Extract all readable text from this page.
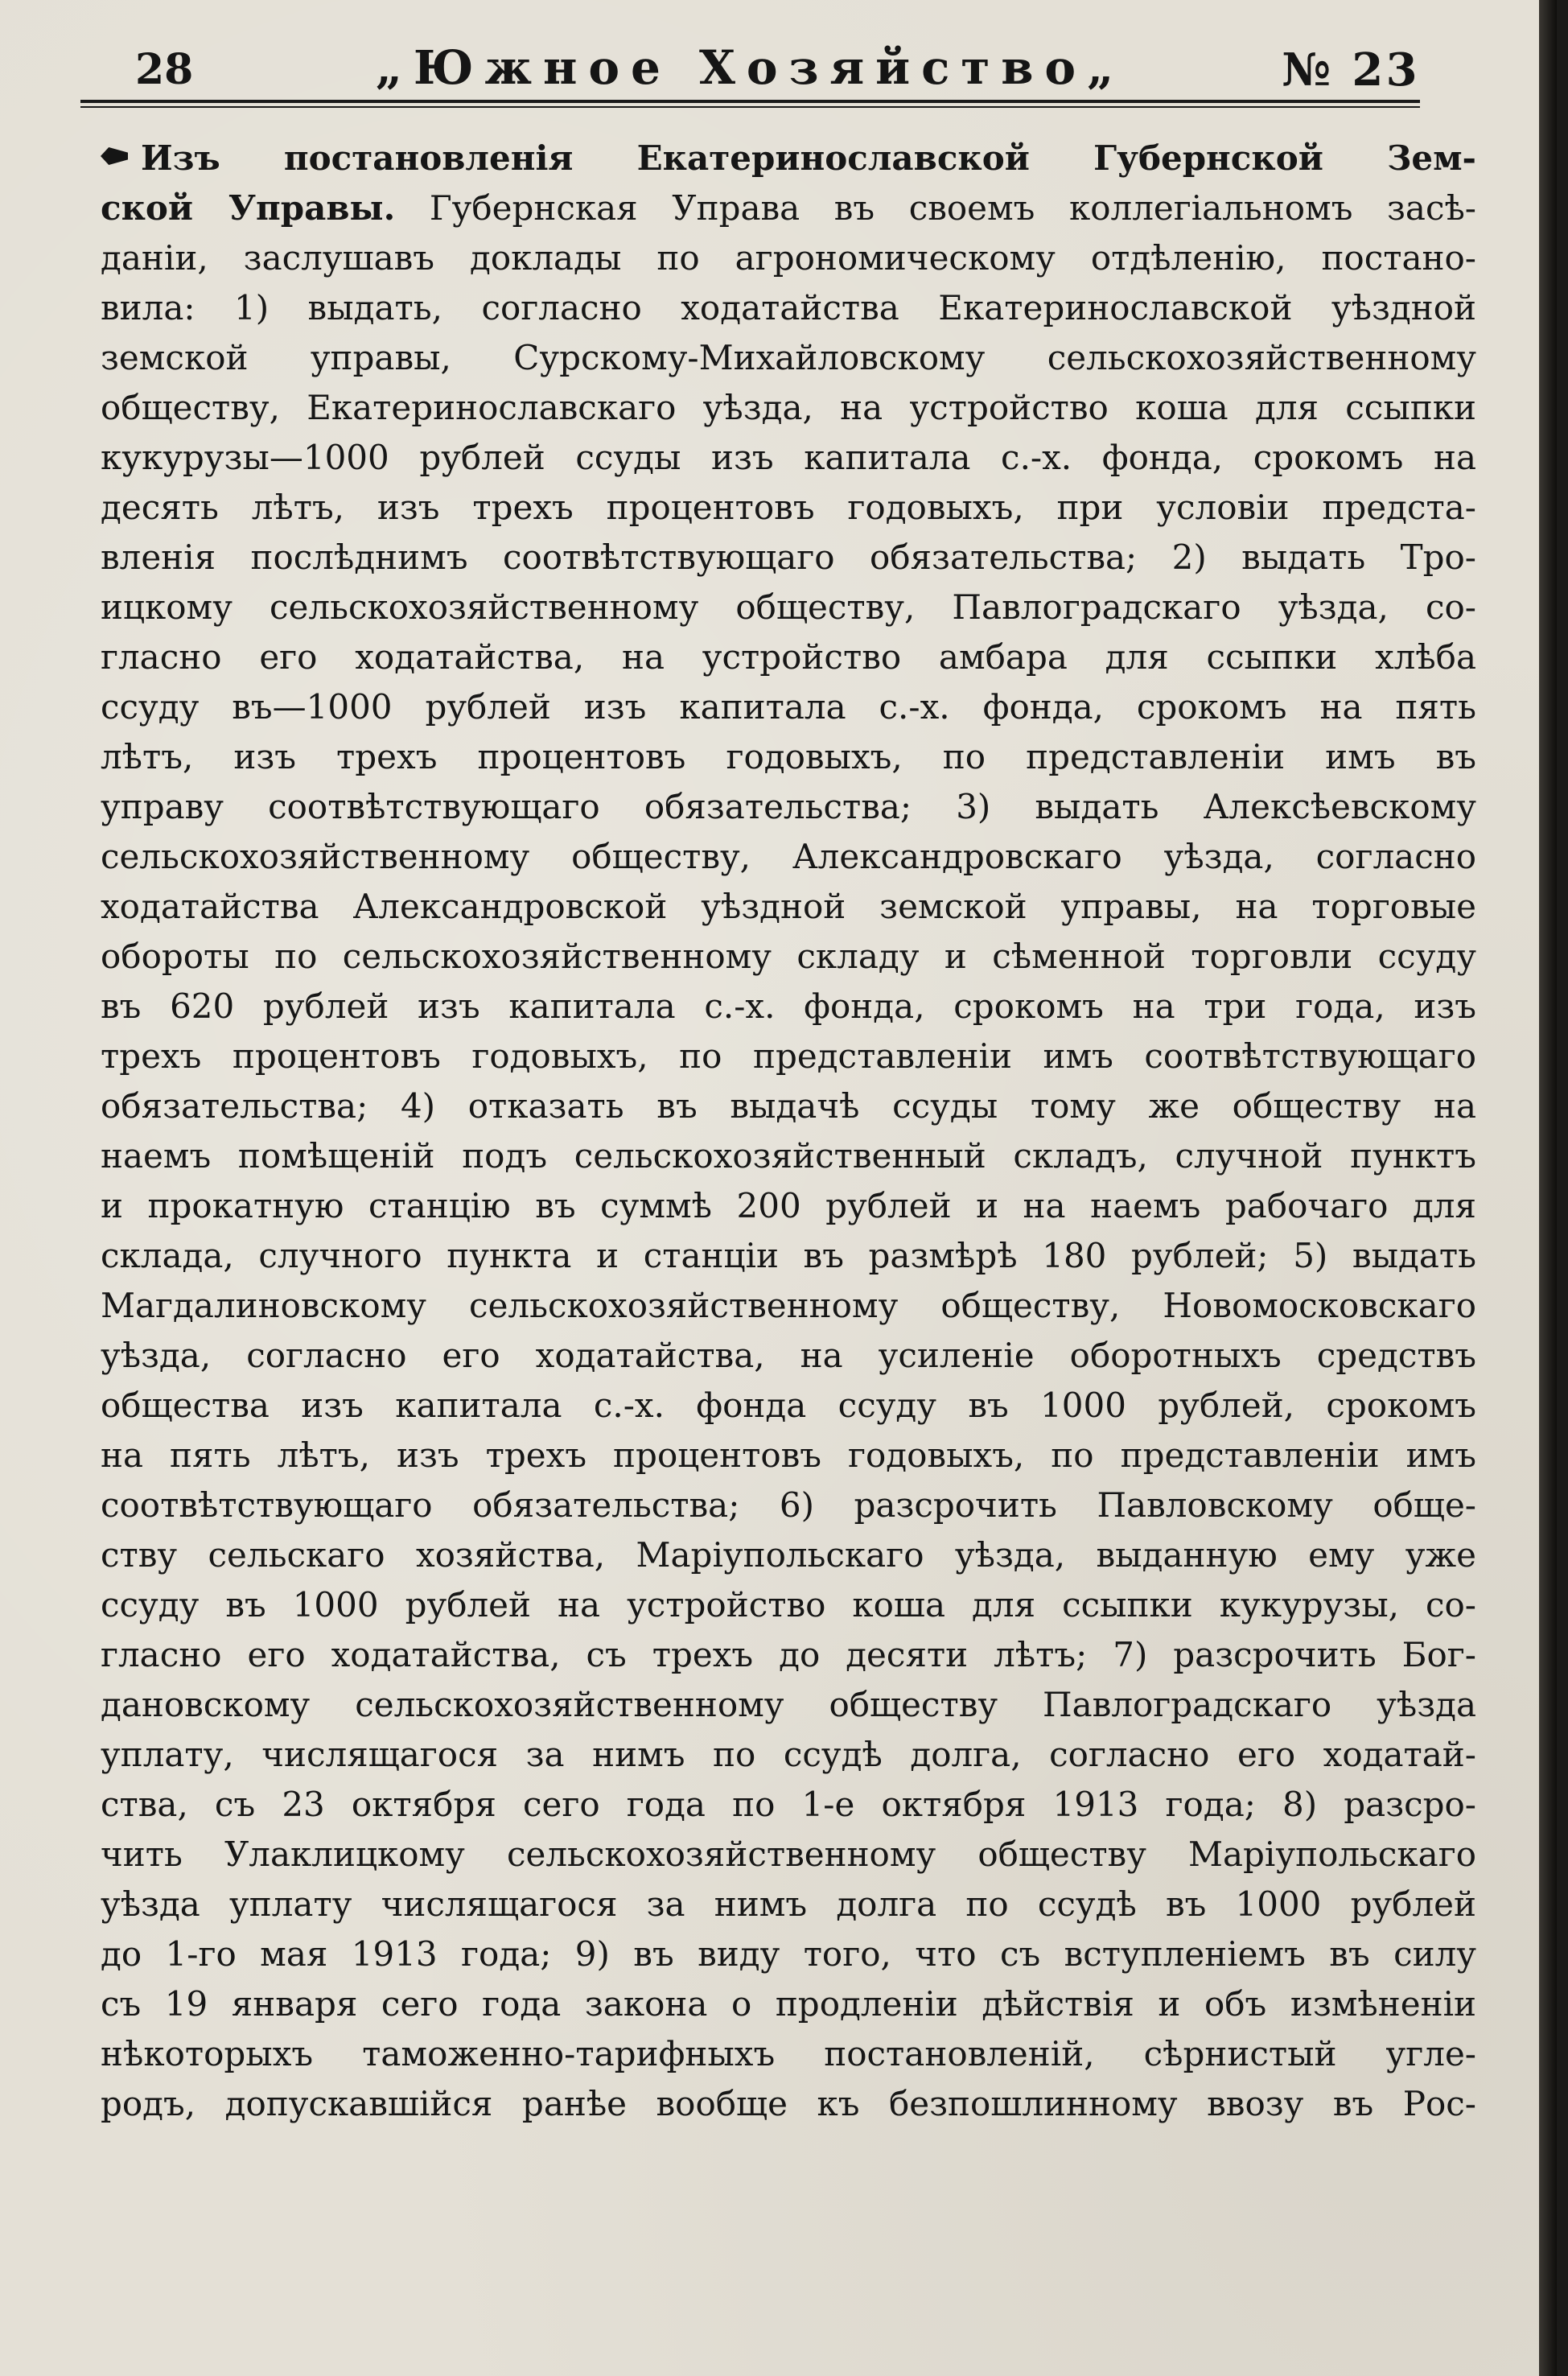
28	„Южное Хозяйство„	№ 23
Изъ постановленія Екатеринославской Губернской Зем-
ской Управы. Губернская Управа въ своемъ коллегіальномъ засѣ-
даніи, заслушавъ доклады по агрономическому отдѣленію, постано-
вила: 1) выдать, согласно ходатайства Екатеринославской уѣздной
земской управы, Сурскому-Михайловскому сельскохозяйственному
обществу, Екатеринославскаго уѣзда, на устройство коша для ссыпки
кукурузы—1000 рублей ссуды изъ капитала с.-х. фонда, срокомъ на
десять лѣтъ, изъ трехъ процентовъ годовыхъ, при условіи предста-
вленія послѣднимъ соотвѣтствующаго обязательства; 2) выдать Тро-
ицкому сельскохозяйственному обществу, Павлоградскаго уѣзда, со-
гласно его ходатайства, на устройство амбара для ссыпки хлѣба
ссуду въ—1000 рублей изъ капитала с.-х. фонда, срокомъ на пять
лѣтъ, изъ трехъ процентовъ годовыхъ, по представленіи имъ въ
управу соотвѣтствующаго обязательства; 3) выдать Алексѣевскому
сельскохозяйственному обществу, Александровскаго уѣзда, согласно
ходатайства Александровской уѣздной земской управы, на торговые
обороты по сельскохозяйственному складу и сѣменной торговли ссуду
въ 620 рублей изъ капитала с.-х. фонда, срокомъ на три года, изъ
трехъ процентовъ годовыхъ, по представленіи имъ соотвѣтствующаго
обязательства; 4) отказать въ выдачѣ ссуды тому же обществу на
наемъ помѣщеній подъ сельскохозяйственный складъ, случной пунктъ
и прокатную станцію въ суммѣ 200 рублей и на наемъ рабочаго для
склада, случного пункта и станціи въ размѣрѣ 180 рублей; 5) выдать
Магдалиновскому сельскохозяйственному обществу, Новомосковскаго
уѣзда, согласно его ходатайства, на усиленіе оборотныхъ средствъ
общества изъ капитала с.-х. фонда ссуду въ 1000 рублей, срокомъ
на пять лѣтъ, изъ трехъ процентовъ годовыхъ, по представленіи имъ
соотвѣтствующаго обязательства; 6) разсрочить Павловскому обще-
ству сельскаго хозяйства, Маріупольскаго уѣзда, выданную ему уже
ссуду въ 1000 рублей на устройство коша для ссыпки кукурузы, со-
гласно его ходатайства, съ трехъ до десяти лѣтъ; 7) разсрочить Бог-
дановскому сельскохозяйственному обществу Павлоградскаго уѣзда
уплату, числящагося за нимъ по ссудѣ долга, согласно его ходатай-
ства, съ 23 октября сего года по 1-е октября 1913 года; 8) разсро-
чить Улаклицкому сельскохозяйственному обществу Маріупольскаго
уѣзда уплату числящагося за нимъ долга по ссудѣ въ 1000 рублей
до 1-го мая 1913 года; 9) въ виду того, что съ вступленіемъ въ силу
съ 19 января сего года закона о продленіи дѣйствія и объ измѣненіи
нѣкоторыхъ таможенно-тарифныхъ постановленій, сѣрнистый угле-
родъ, допускавшійся ранѣе вообще къ безпошлинному ввозу въ Рос-
